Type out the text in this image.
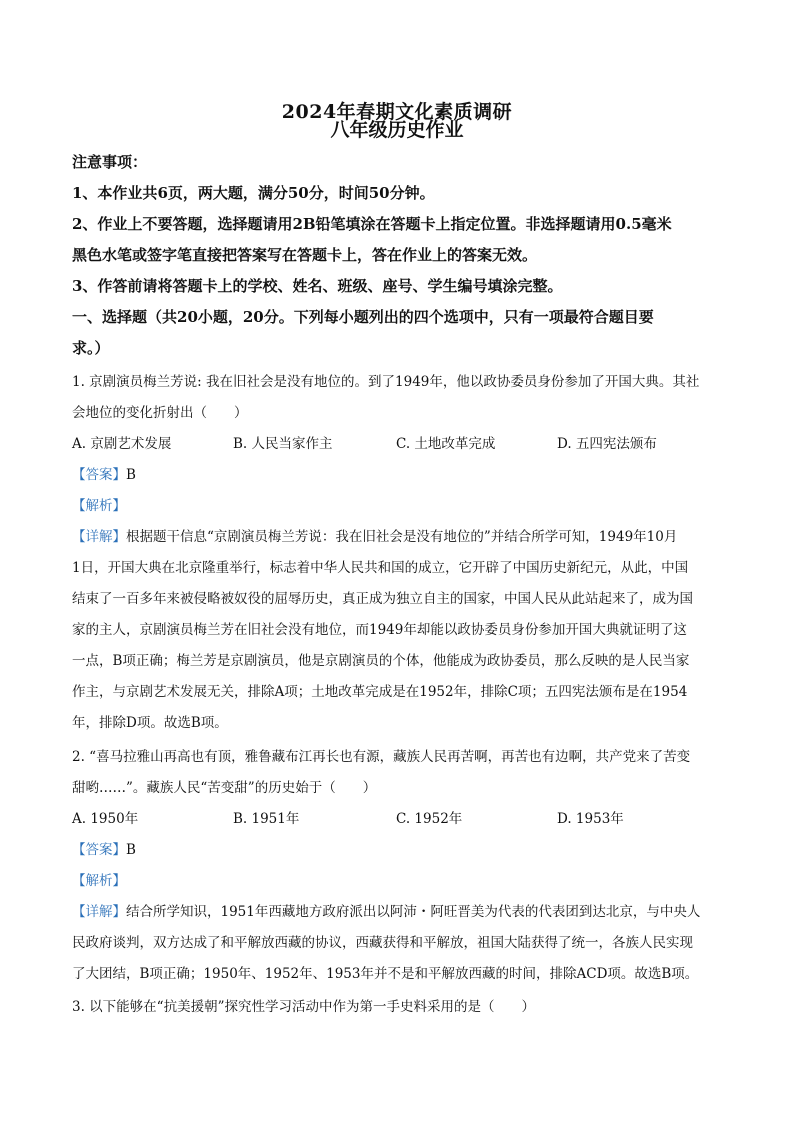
2024年春期文化素质调研
八年级历史作业
注意事项：
1、本作业共6页，两大题，满分50分，时间50分钟。
2、作业上不要答题，选择题请用2B铅笔填涂在答题卡上指定位置。非选择题请用0.5毫米
黑色水笔或签字笔直接把答案写在答题卡上，答在作业上的答案无效。
3、作答前请将答题卡上的学校、姓名、班级、座号、学生编号填涂完整。
一、选择题（共20小题，20分。下列每小题列出的四个选项中，只有一项最符合题目要
求。）
1. 京剧演员梅兰芳说: 我在旧社会是没有地位的。到了1949年，他以政协委员身份参加了开国大典。其社
会地位的变化折射出（　　）
A. 京剧艺术发展	B. 人民当家作主	C. 土地改革完成	D. 五四宪法颁布
【答案】B
【解析】
【详解】根据题干信息“京剧演员梅兰芳说：我在旧社会是没有地位的”并结合所学可知，1949年10月
1日，开国大典在北京隆重举行，标志着中华人民共和国的成立，它开辟了中国历史新纪元，从此，中国
结束了一百多年来被侵略被奴役的屈辱历史，真正成为独立自主的国家，中国人民从此站起来了，成为国
家的主人，京剧演员梅兰芳在旧社会没有地位，而1949年却能以政协委员身份参加开国大典就证明了这
一点，B项正确；梅兰芳是京剧演员，他是京剧演员的个体，他能成为政协委员，那么反映的是人民当家
作主，与京剧艺术发展无关，排除A项；土地改革完成是在1952年，排除C项；五四宪法颁布是在1954
年，排除D项。故选B项。
2. “喜马拉雅山再高也有顶，雅鲁藏布江再长也有源，藏族人民再苦啊，再苦也有边啊，共产党来了苦变
甜哟……”。藏族人民“苦变甜”的历史始于（　　）
A. 1950年	B. 1951年	C. 1952年	D. 1953年
【答案】B
【解析】
【详解】结合所学知识，1951年西藏地方政府派出以阿沛・阿旺晋美为代表的代表团到达北京，与中央人
民政府谈判，双方达成了和平解放西藏的协议，西藏获得和平解放，祖国大陆获得了统一，各族人民实现
了大团结，B项正确；1950年、1952年、1953年并不是和平解放西藏的时间，排除ACD项。故选B项。
3. 以下能够在“抗美援朝”探究性学习活动中作为第一手史料采用的是（　　）
